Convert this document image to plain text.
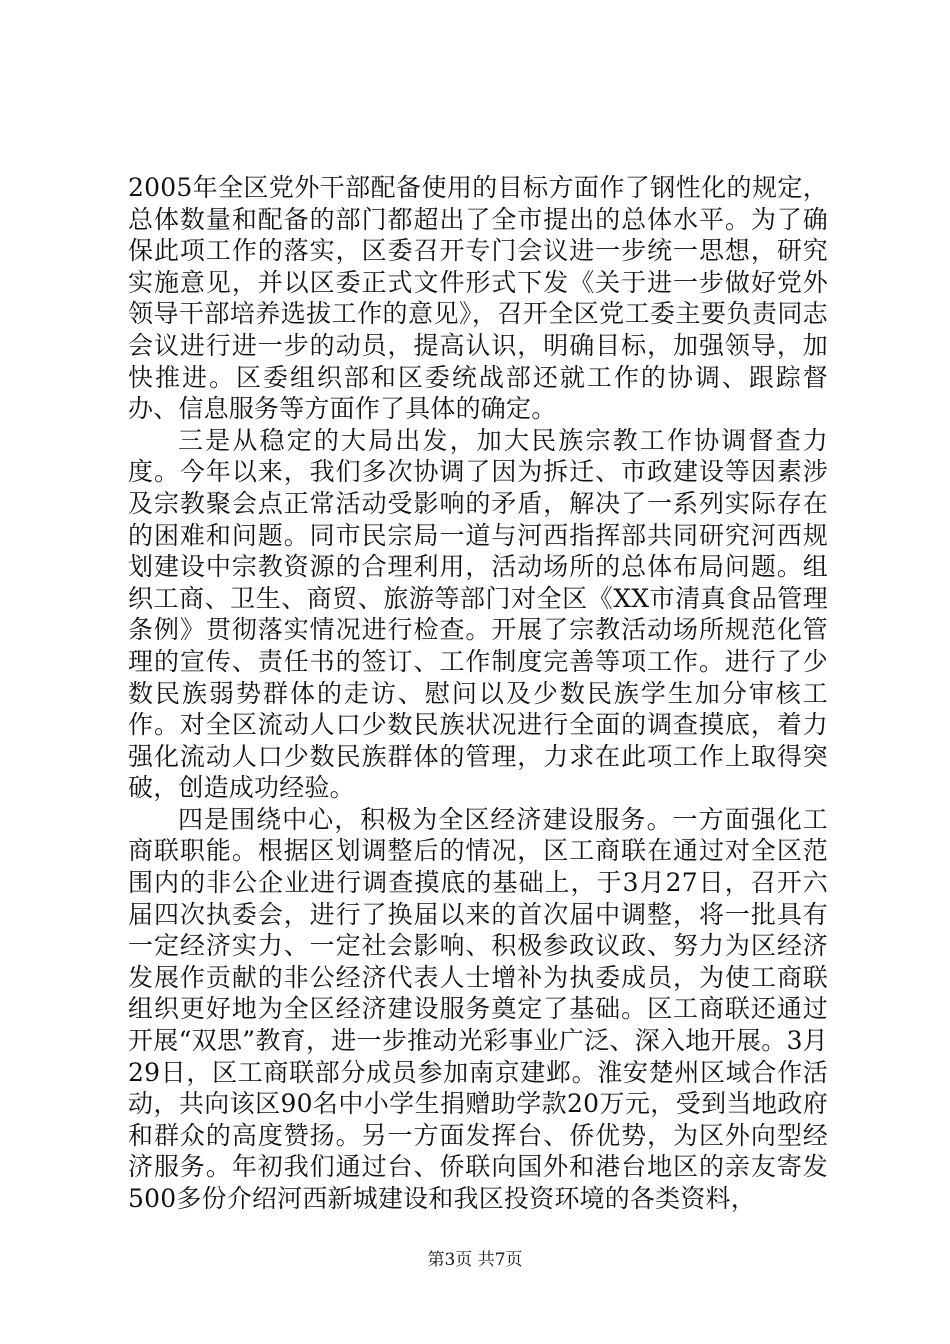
2005年全区党外干部配备使用的目标方面作了钢性化的规定，总体数量和配备的部门都超出了全市提出的总体水平。为了确保此项工作的落实，区委召开专门会议进一步统一思想，研究实施意见，并以区委正式文件形式下发《关于进一步做好党外领导干部培养选拔工作的意见》，召开全区党工委主要负责同志会议进行进一步的动员，提高认识，明确目标，加强领导，加快推进。区委组织部和区委统战部还就工作的协调、跟踪督办、信息服务等方面作了具体的确定。

三是从稳定的大局出发，加大民族宗教工作协调督查力度。今年以来，我们多次协调了因为拆迁、市政建设等因素涉及宗教聚会点正常活动受影响的矛盾，解决了一系列实际存在的困难和问题。同市民宗局一道与河西指挥部共同研究河西规划建设中宗教资源的合理利用，活动场所的总体布局问题。组织工商、卫生、商贸、旅游等部门对全区《XX市清真食品管理条例》贯彻落实情况进行检查。开展了宗教活动场所规范化管理的宣传、责任书的签订、工作制度完善等项工作。进行了少数民族弱势群体的走访、慰问以及少数民族学生加分审核工作。对全区流动人口少数民族状况进行全面的调查摸底，着力强化流动人口少数民族群体的管理，力求在此项工作上取得突破，创造成功经验。

四是围绕中心，积极为全区经济建设服务。一方面强化工商联职能。根据区划调整后的情况，区工商联在通过对全区范围内的非公企业进行调查摸底的基础上，于3月27日，召开六届四次执委会，进行了换届以来的首次届中调整，将一批具有一定经济实力、一定社会影响、积极参政议政、努力为区经济发展作贡献的非公经济代表人士增补为执委成员，为使工商联组织更好地为全区经济建设服务奠定了基础。区工商联还通过开展“双思”教育，进一步推动光彩事业广泛、深入地开展。3月29日，区工商联部分成员参加南京建邺。淮安楚州区域合作活动，共向该区90名中小学生捐赠助学款20万元，受到当地政府和群众的高度赞扬。另一方面发挥台、侨优势，为区外向型经济服务。年初我们通过台、侨联向国外和港台地区的亲友寄发500多份介绍河西新城建设和我区投资环境的各类资料，

第3页 共7页
